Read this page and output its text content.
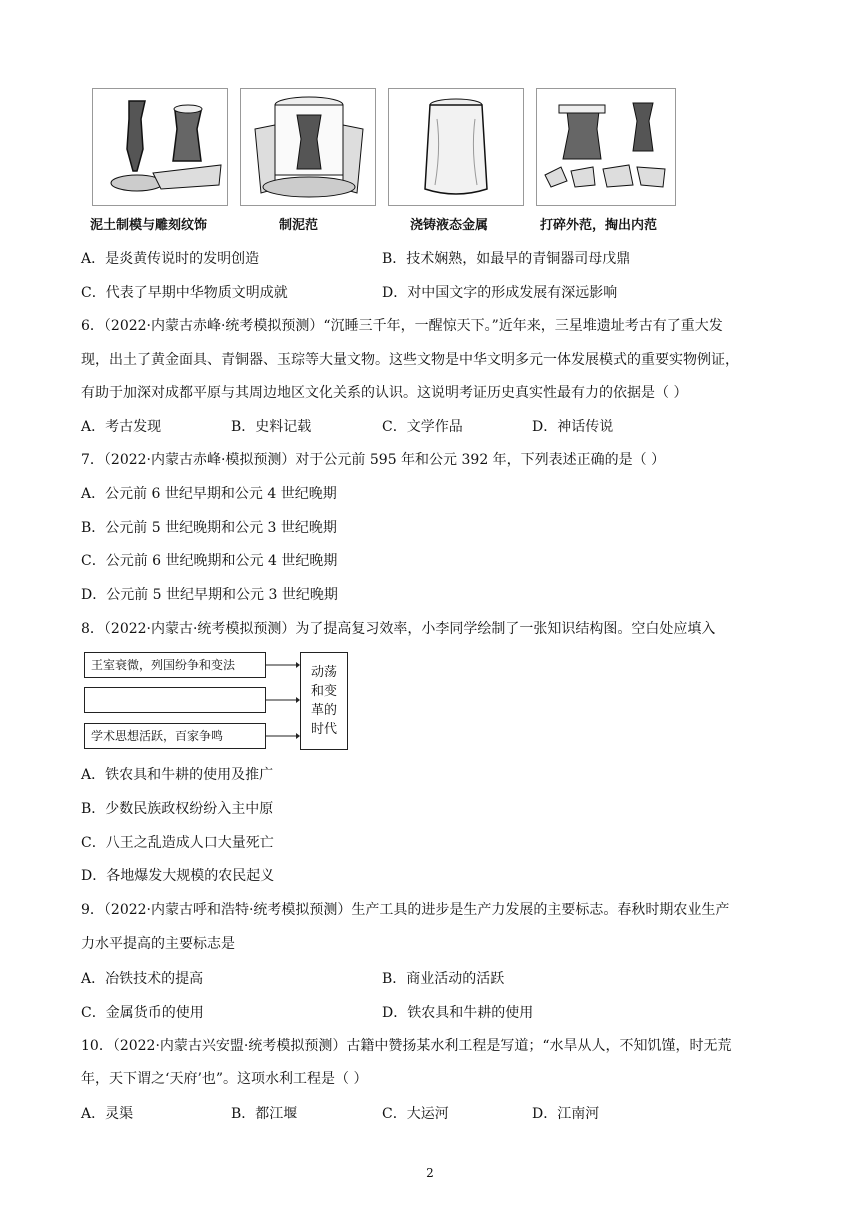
泥土制模与雕刻纹饰	制泥范	浇铸液态金属	打碎外范，掏出内范
A．是炎黄传说时的发明创造	B．技术娴熟，如最早的青铜器司母戊鼎
C．代表了早期中华物质文明成就	D．对中国文字的形成发展有深远影响
6．（2022·内蒙古赤峰·统考模拟预测）“沉睡三千年，一醒惊天下。”近年来，三星堆遗址考古有了重大发
现，出土了黄金面具、青铜器、玉琮等大量文物。这些文物是中华文明多元一体发展模式的重要实物例证，
有助于加深对成都平原与其周边地区文化关系的认识。这说明考证历史真实性最有力的依据是（ ）
A．考古发现	B．史料记载	C．文学作品	D．神话传说
7．（2022·内蒙古赤峰·模拟预测）对于公元前 595 年和公元 392 年，下列表述正确的是（ ）
A．公元前 6 世纪早期和公元 4 世纪晚期
B．公元前 5 世纪晚期和公元 3 世纪晚期
C．公元前 6 世纪晚期和公元 4 世纪晚期
D．公元前 5 世纪早期和公元 3 世纪晚期
8．（2022·内蒙古·统考模拟预测）为了提高复习效率，小李同学绘制了一张知识结构图。空白处应填入
王室衰微，列国纷争和变法
学术思想活跃，百家争鸣
动荡
和变
革的
时代
A．铁农具和牛耕的使用及推广
B．少数民族政权纷纷入主中原
C．八王之乱造成人口大量死亡
D．各地爆发大规模的农民起义
9．（2022·内蒙古呼和浩特·统考模拟预测）生产工具的进步是生产力发展的主要标志。春秋时期农业生产
力水平提高的主要标志是
A．冶铁技术的提高	B．商业活动的活跃
C．金属货币的使用	D．铁农具和牛耕的使用
10．（2022·内蒙古兴安盟·统考模拟预测）古籍中赞扬某水利工程是写道；“水旱从人，不知饥馑，时无荒
年，天下谓之‘天府’也”。这项水利工程是（ ）
A．灵渠	B．都江堰	C．大运河	D．江南河
2
